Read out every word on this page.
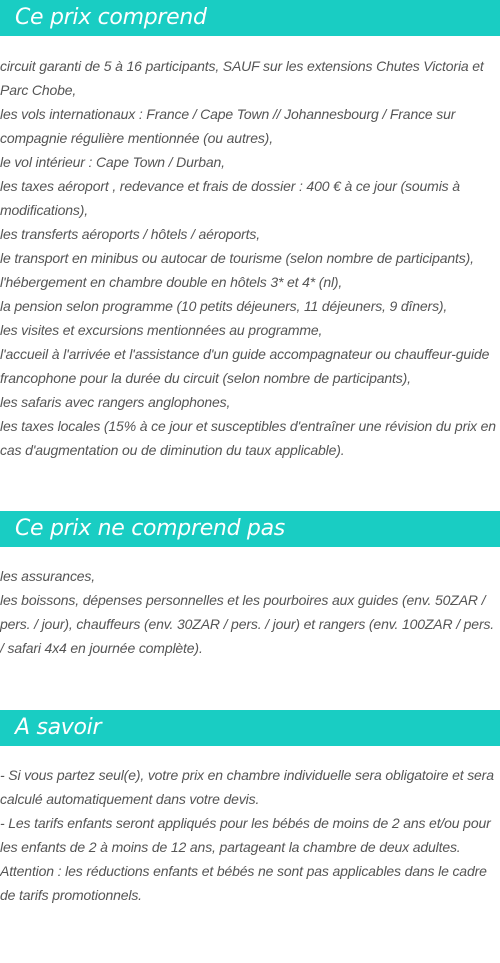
Ce prix comprend
circuit garanti de 5 à 16 participants, SAUF sur les extensions Chutes Victoria et Parc Chobe,
les vols internationaux : France / Cape Town // Johannesbourg / France sur compagnie régulière mentionnée (ou autres),
le vol intérieur : Cape Town / Durban,
les taxes aéroport , redevance et frais de dossier : 400 € à ce jour (soumis à modifications),
les transferts aéroports / hôtels / aéroports,
le transport en minibus ou autocar de tourisme (selon nombre de participants),
l'hébergement en chambre double en hôtels 3* et 4* (nl),
la pension selon programme (10 petits déjeuners, 11 déjeuners, 9 dîners),
les visites et excursions mentionnées au programme,
l'accueil à l'arrivée et l'assistance d'un guide accompagnateur ou chauffeur-guide francophone pour la durée du circuit (selon nombre de participants),
les safaris avec rangers anglophones,
les taxes locales (15% à ce jour et susceptibles d'entraîner une révision du prix en cas d'augmentation ou de diminution du taux applicable).
Ce prix ne comprend pas
les assurances,
les boissons, dépenses personnelles et les pourboires aux guides (env. 50ZAR / pers. / jour), chauffeurs (env. 30ZAR / pers. / jour) et rangers (env. 100ZAR / pers. / safari 4x4 en journée complète).
A savoir
- Si vous partez seul(e), votre prix en chambre individuelle sera obligatoire et sera calculé automatiquement dans votre devis.
- Les tarifs enfants seront appliqués pour les bébés de moins de 2 ans et/ou pour les enfants de 2 à moins de 12 ans, partageant la chambre de deux adultes.
Attention : les réductions enfants et bébés ne sont pas applicables dans le cadre de tarifs promotionnels.
